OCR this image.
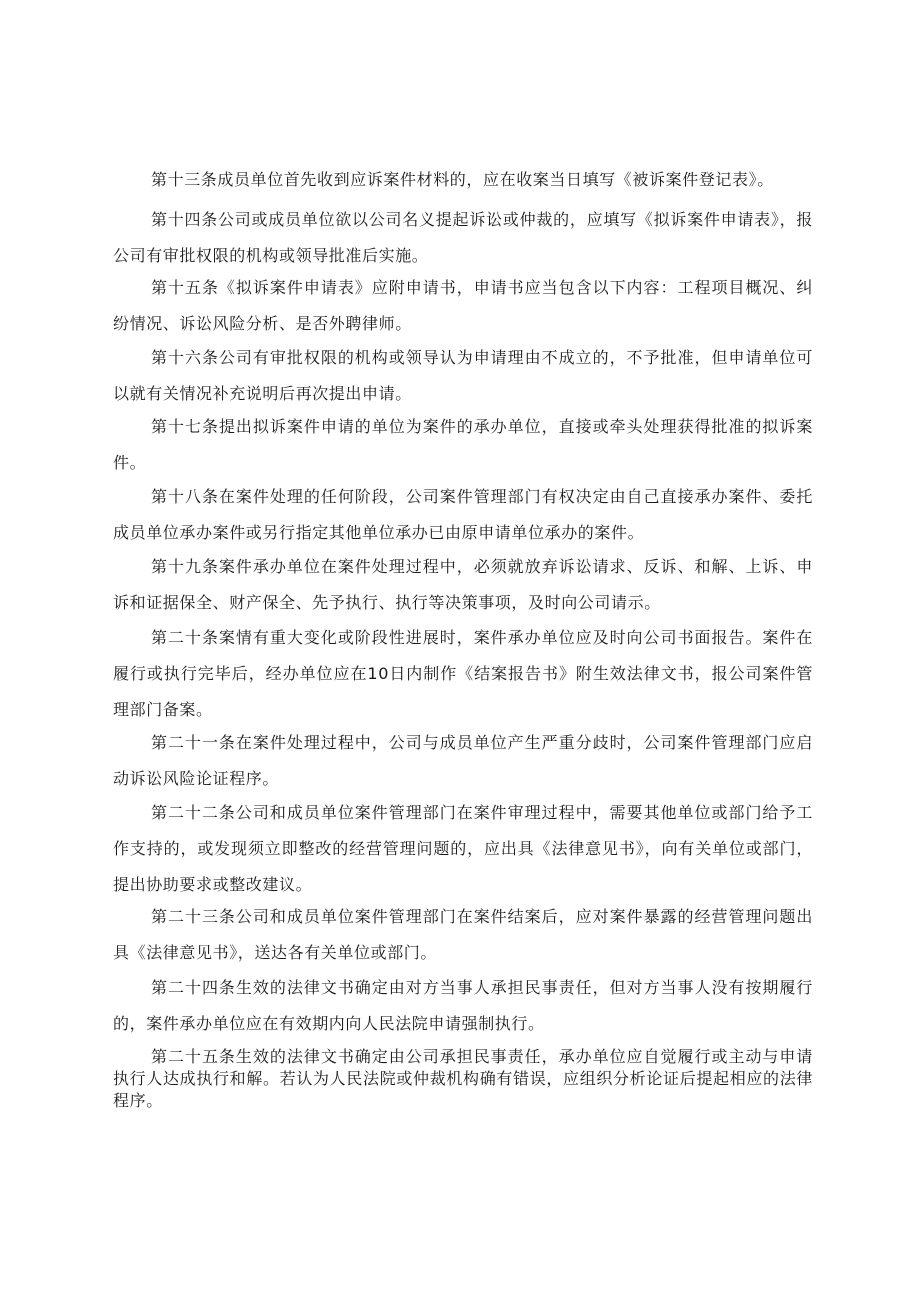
第十三条成员单位首先收到应诉案件材料的，应在收案当日填写《被诉案件登记表》。

第十四条公司或成员单位欲以公司名义提起诉讼或仲裁的，应填写《拟诉案件申请表》，报公司有审批权限的机构或领导批准后实施。

第十五条《拟诉案件申请表》应附申请书，申请书应当包含以下内容：工程项目概况、纠纷情况、诉讼风险分析、是否外聘律师。

第十六条公司有审批权限的机构或领导认为申请理由不成立的，不予批准，但申请单位可以就有关情况补充说明后再次提出申请。

第十七条提出拟诉案件申请的单位为案件的承办单位，直接或牵头处理获得批准的拟诉案件。

第十八条在案件处理的任何阶段，公司案件管理部门有权决定由自己直接承办案件、委托成员单位承办案件或另行指定其他单位承办已由原申请单位承办的案件。

第十九条案件承办单位在案件处理过程中，必须就放弃诉讼请求、反诉、和解、上诉、申诉和证据保全、财产保全、先予执行、执行等决策事项，及时向公司请示。

第二十条案情有重大变化或阶段性进展时，案件承办单位应及时向公司书面报告。案件在履行或执行完毕后，经办单位应在10日内制作《结案报告书》附生效法律文书，报公司案件管理部门备案。

第二十一条在案件处理过程中，公司与成员单位产生严重分歧时，公司案件管理部门应启动诉讼风险论证程序。

第二十二条公司和成员单位案件管理部门在案件审理过程中，需要其他单位或部门给予工作支持的，或发现须立即整改的经营管理问题的，应出具《法律意见书》，向有关单位或部门，提出协助要求或整改建议。

第二十三条公司和成员单位案件管理部门在案件结案后，应对案件暴露的经营管理问题出具《法律意见书》，送达各有关单位或部门。

第二十四条生效的法律文书确定由对方当事人承担民事责任，但对方当事人没有按期履行的，案件承办单位应在有效期内向人民法院申请强制执行。

第二十五条生效的法律文书确定由公司承担民事责任，承办单位应自觉履行或主动与申请执行人达成执行和解。若认为人民法院或仲裁机构确有错误，应组织分析论证后提起相应的法律程序。
